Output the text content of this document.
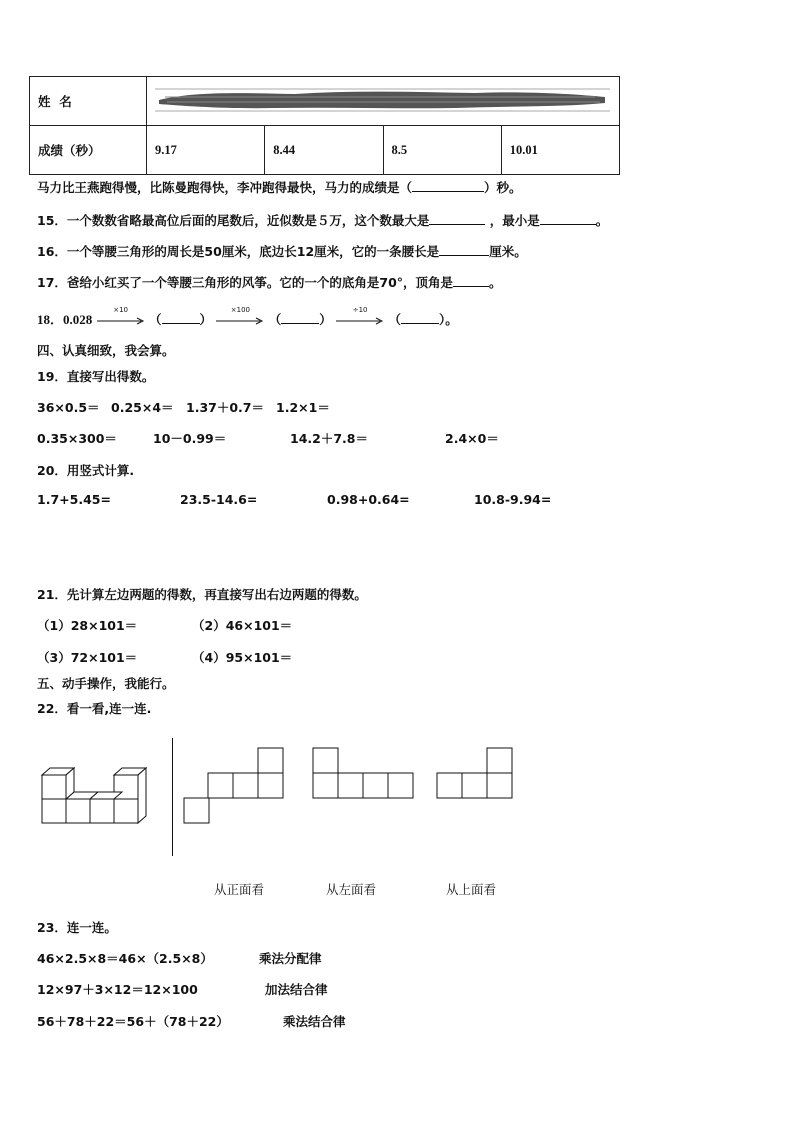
姓  名	
成绩（秒）	9.17	8.44	8.5	10.01
马力比王燕跑得慢，比陈曼跑得快，李冲跑得最快，马力的成绩是（	）秒。
15．一个数数省略最高位后面的尾数后，近似数是５万，这个数最大是	，最小是	。
16．一个等腰三角形的周长是50厘米，底边长12厘米，它的一条腰长是	厘米。
17．爸给小红买了一个等腰三角形的风筝。它的一个的底角是70°，顶角是	。
18．0.028
×10
（	）
×100
（	）
÷10
（	）。
四、认真细致，我会算。
19．直接写出得数。
36×0.5＝ 0.25×4＝ 1.37＋0.7＝ 1.2×1＝
0.35×300＝	10－0.99＝	14.2＋7.8＝	2.4×0＝
20．用竖式计算.
1.7+5.45=	23.5-14.6=	0.98+0.64=	10.8-9.94=
21．先计算左边两题的得数，再直接写出右边两题的得数。
（1）28×101＝	（2）46×101＝
（3）72×101＝	（4）95×101＝
五、动手操作，我能行。
22．看一看,连一连.
从正面看	从左面看	从上面看
23．连一连。
46×2.5×8＝46×（2.5×8）	乘法分配律
12×97＋3×12＝12×100	加法结合律
56＋78＋22＝56＋（78＋22）	乘法结合律
